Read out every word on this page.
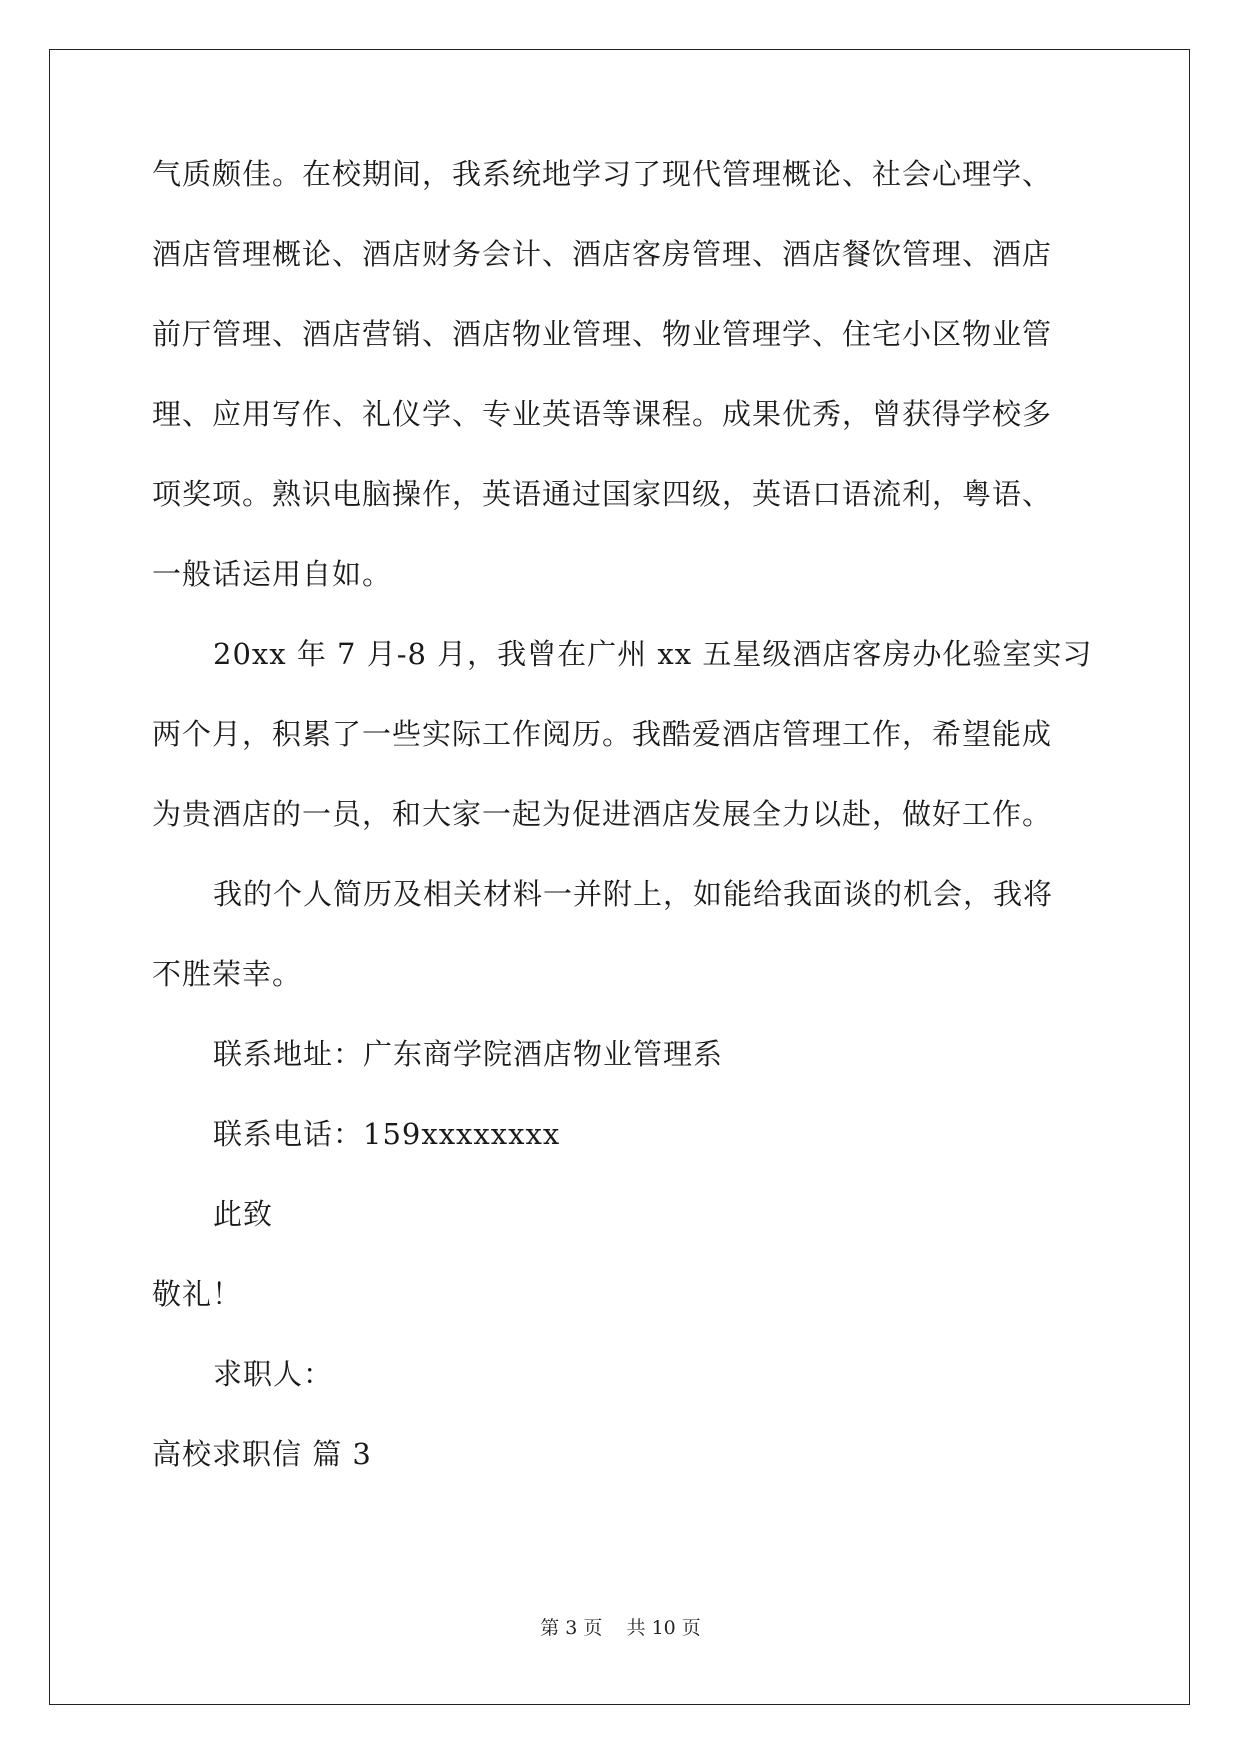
气质颇佳。在校期间，我系统地学习了现代管理概论、社会心理学、
酒店管理概论、酒店财务会计、酒店客房管理、酒店餐饮管理、酒店
前厅管理、酒店营销、酒店物业管理、物业管理学、住宅小区物业管
理、应用写作、礼仪学、专业英语等课程。成果优秀，曾获得学校多
项奖项。熟识电脑操作，英语通过国家四级，英语口语流利，粤语、
一般话运用自如。
20xx 年 7 月-8 月，我曾在广州 xx 五星级酒店客房办化验室实习
两个月，积累了一些实际工作阅历。我酷爱酒店管理工作，希望能成
为贵酒店的一员，和大家一起为促进酒店发展全力以赴，做好工作。
我的个人简历及相关材料一并附上，如能给我面谈的机会，我将
不胜荣幸。
联系地址：广东商学院酒店物业管理系
联系电话：159xxxxxxxx
此致
敬礼！
求职人：
高校求职信 篇 3
第 3 页    共 10 页
